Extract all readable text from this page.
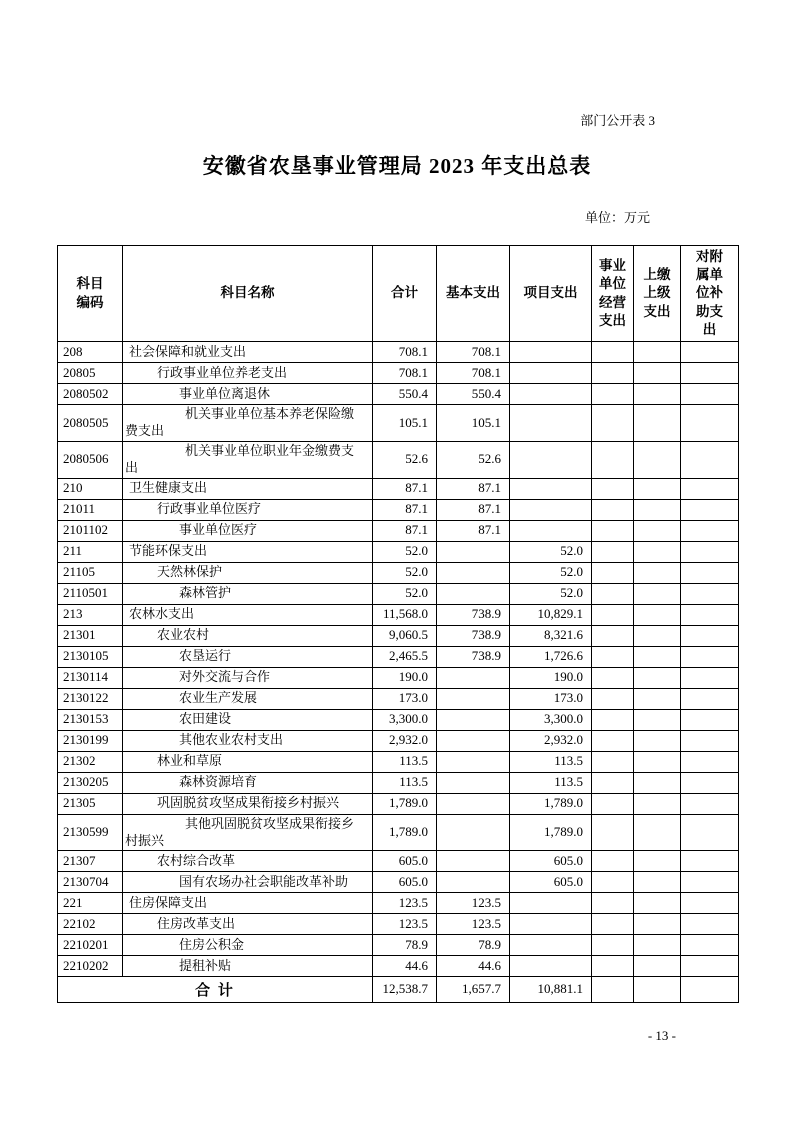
部门公开表 3
安徽省农垦事业管理局 2023 年支出总表
单位：万元
科目编码	科目名称	合计	基本支出	项目支出	事业单位经营支出	上缴上级支出	对附属单位补助支出
208	社会保障和就业支出	708.1	708.1				
20805	行政事业单位养老支出	708.1	708.1				
2080502	事业单位离退休	550.4	550.4				
2080505	机关事业单位基本养老保险缴费支出	105.1	105.1				
2080506	机关事业单位职业年金缴费支出	52.6	52.6				
210	卫生健康支出	87.1	87.1				
21011	行政事业单位医疗	87.1	87.1				
2101102	事业单位医疗	87.1	87.1				
211	节能环保支出	52.0		52.0			
21105	天然林保护	52.0		52.0			
2110501	森林管护	52.0		52.0			
213	农林水支出	11,568.0	738.9	10,829.1			
21301	农业农村	9,060.5	738.9	8,321.6			
2130105	农垦运行	2,465.5	738.9	1,726.6			
2130114	对外交流与合作	190.0		190.0			
2130122	农业生产发展	173.0		173.0			
2130153	农田建设	3,300.0		3,300.0			
2130199	其他农业农村支出	2,932.0		2,932.0			
21302	林业和草原	113.5		113.5			
2130205	森林资源培育	113.5		113.5			
21305	巩固脱贫攻坚成果衔接乡村振兴	1,789.0		1,789.0			
2130599	其他巩固脱贫攻坚成果衔接乡村振兴	1,789.0		1,789.0			
21307	农村综合改革	605.0		605.0			
2130704	国有农场办社会职能改革补助	605.0		605.0			
221	住房保障支出	123.5	123.5				
22102	住房改革支出	123.5	123.5				
2210201	住房公积金	78.9	78.9				
2210202	提租补贴	44.6	44.6				
合 计		12,538.7	1,657.7	10,881.1			
- 13 -
